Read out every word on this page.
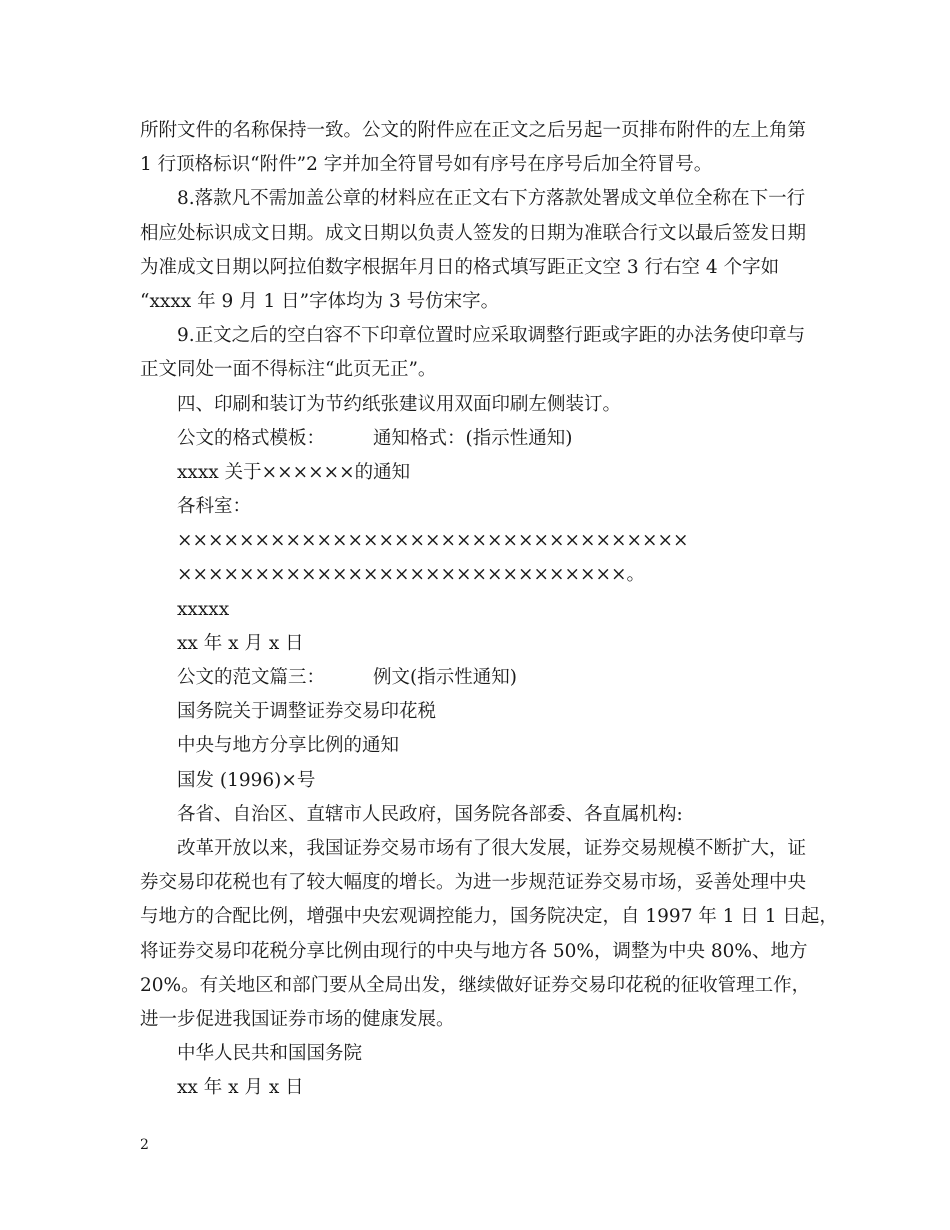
所附文件的名称保持一致。公文的附件应在正文之后另起一页排布附件的左上角第
1 行顶格标识“附件”2 字并加全符冒号如有序号在序号后加全符冒号。
8.落款凡不需加盖公章的材料应在正文右下方落款处署成文单位全称在下一行
相应处标识成文日期。成文日期以负责人签发的日期为准联合行文以最后签发日期
为准成文日期以阿拉伯数字根据年月日的格式填写距正文空 3 行右空 4 个字如
“xxxx 年 9 月 1 日”字体均为 3 号仿宋字。
9.正文之后的空白容不下印章位置时应采取调整行距或字距的办法务使印章与
正文同处一面不得标注“此页无正”。
四、印刷和装订为节约纸张建议用双面印刷左侧装订。
公文的格式模板：	通知格式：(指示性通知)
xxxx 关于××××××的通知
各科室：
×××××××××××××××××××××××××××××××××
×××××××××××××××××××××××××××××。
xxxxx
xx 年 x 月 x 日
公文的范文篇三：	例文(指示性通知)
国务院关于调整证券交易印花税
中央与地方分享比例的通知
国发 (1996)×号
各省、自治区、直辖市人民政府，国务院各部委、各直属机构:
改革开放以来，我国证券交易市场有了很大发展，证券交易规模不断扩大，证
券交易印花税也有了较大幅度的增长。为进一步规范证券交易市场，妥善处理中央
与地方的合配比例，增强中央宏观调控能力，国务院决定，自 1997 年 1 日 1 日起，
将证券交易印花税分享比例由现行的中央与地方各 50%，调整为中央 80%、地方
20%。有关地区和部门要从全局出发，继续做好证券交易印花税的征收管理工作，
进一步促进我国证券市场的健康发展。
中华人民共和国国务院
xx 年 x 月 x 日
2
